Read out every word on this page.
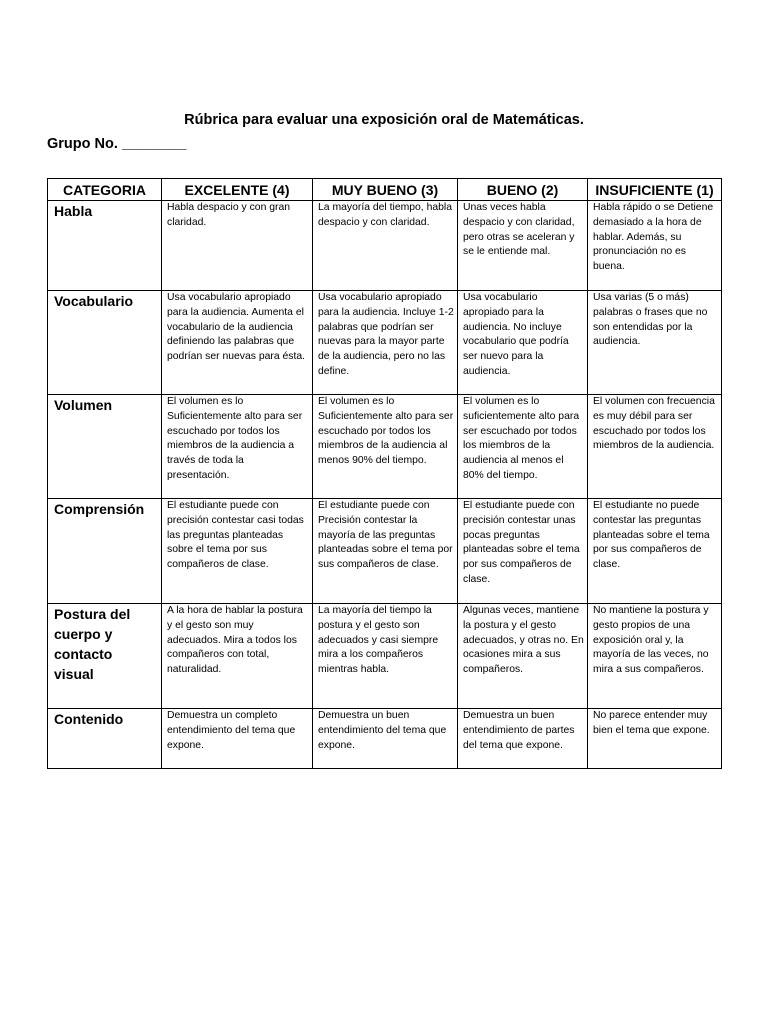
Rúbrica para evaluar una exposición oral de Matemáticas.
Grupo No. ________
CATEGORIA	EXCELENTE (4)	MUY BUENO (3)	BUENO (2)	INSUFICIENTE (1)
Habla	Habla despacio y con gran claridad.	La mayoría del tiempo, habla despacio y con claridad.	Unas veces habla despacio y con claridad, pero otras se aceleran y se le entiende mal.	Habla rápido o se Detiene demasiado a la hora de hablar. Además, su pronunciación no es buena.
Vocabulario	Usa vocabulario apropiado para la audiencia. Aumenta el vocabulario de la audiencia definiendo las palabras que podrían ser nuevas para ésta.	Usa vocabulario apropiado para la audiencia. Incluye 1-2 palabras que podrían ser nuevas para la mayor parte de la audiencia, pero no las define.	Usa vocabulario apropiado para la audiencia. No incluye vocabulario que podría ser nuevo para la audiencia.	Usa varias (5 o más) palabras o frases que no son entendidas por la audiencia.
Volumen	El volumen es lo Suficientemente alto para ser escuchado por todos los miembros de la audiencia a través de toda la presentación.	El volumen es lo Suficientemente alto para ser escuchado por todos los miembros de la audiencia al menos 90% del tiempo.	El volumen es lo suficientemente alto para ser escuchado por todos los miembros de la audiencia al menos el 80% del tiempo.	El volumen con frecuencia es muy débil para ser escuchado por todos los miembros de la audiencia.
Comprensión	El estudiante puede con precisión contestar casi todas las preguntas planteadas sobre el tema por sus compañeros de clase.	El estudiante puede con Precisión contestar la mayoría de las preguntas planteadas sobre el tema por sus compañeros de clase.	El estudiante puede con precisión contestar unas pocas preguntas planteadas sobre el tema por sus compañeros de clase.	El estudiante no puede contestar las preguntas planteadas sobre el tema por sus compañeros de clase.
Postura del cuerpo y contacto visual	A la hora de hablar la postura y el gesto son muy adecuados. Mira a todos los compañeros con total, naturalidad.	La mayoría del tiempo la postura y el gesto son adecuados y casi siempre mira a los compañeros mientras habla.	Algunas veces, mantiene la postura y el gesto adecuados, y otras no. En ocasiones mira a sus compañeros.	No mantiene la postura y gesto propios de una exposición oral y, la mayoría de las veces, no mira a sus compañeros.
Contenido	Demuestra un completo entendimiento del tema que expone.	Demuestra un buen entendimiento del tema que expone.	Demuestra un buen entendimiento de partes del tema que expone.	No parece entender muy bien el tema que expone.
